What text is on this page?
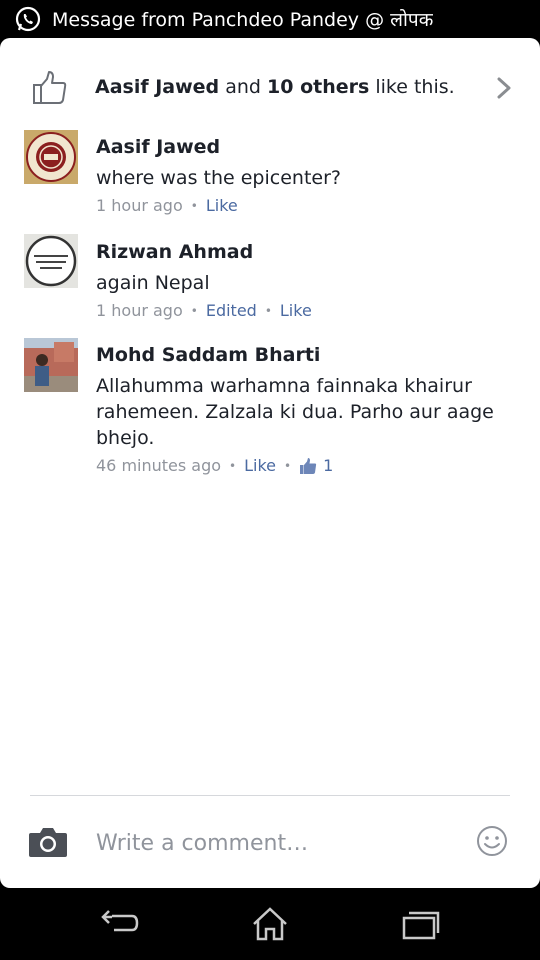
Message from Panchdeo Pandey @ लोपक
Aasif Jawed and 10 others like this.
Aasif Jawed
where was the epicenter?
1 hour ago • Like
Rizwan Ahmad
again Nepal
1 hour ago • Edited • Like
Mohd Saddam Bharti
Allahumma warhamna fainnaka khairur rahemeen. Zalzala ki dua. Parho aur aage bhejo.
46 minutes ago • Like • 1
Write a comment…
